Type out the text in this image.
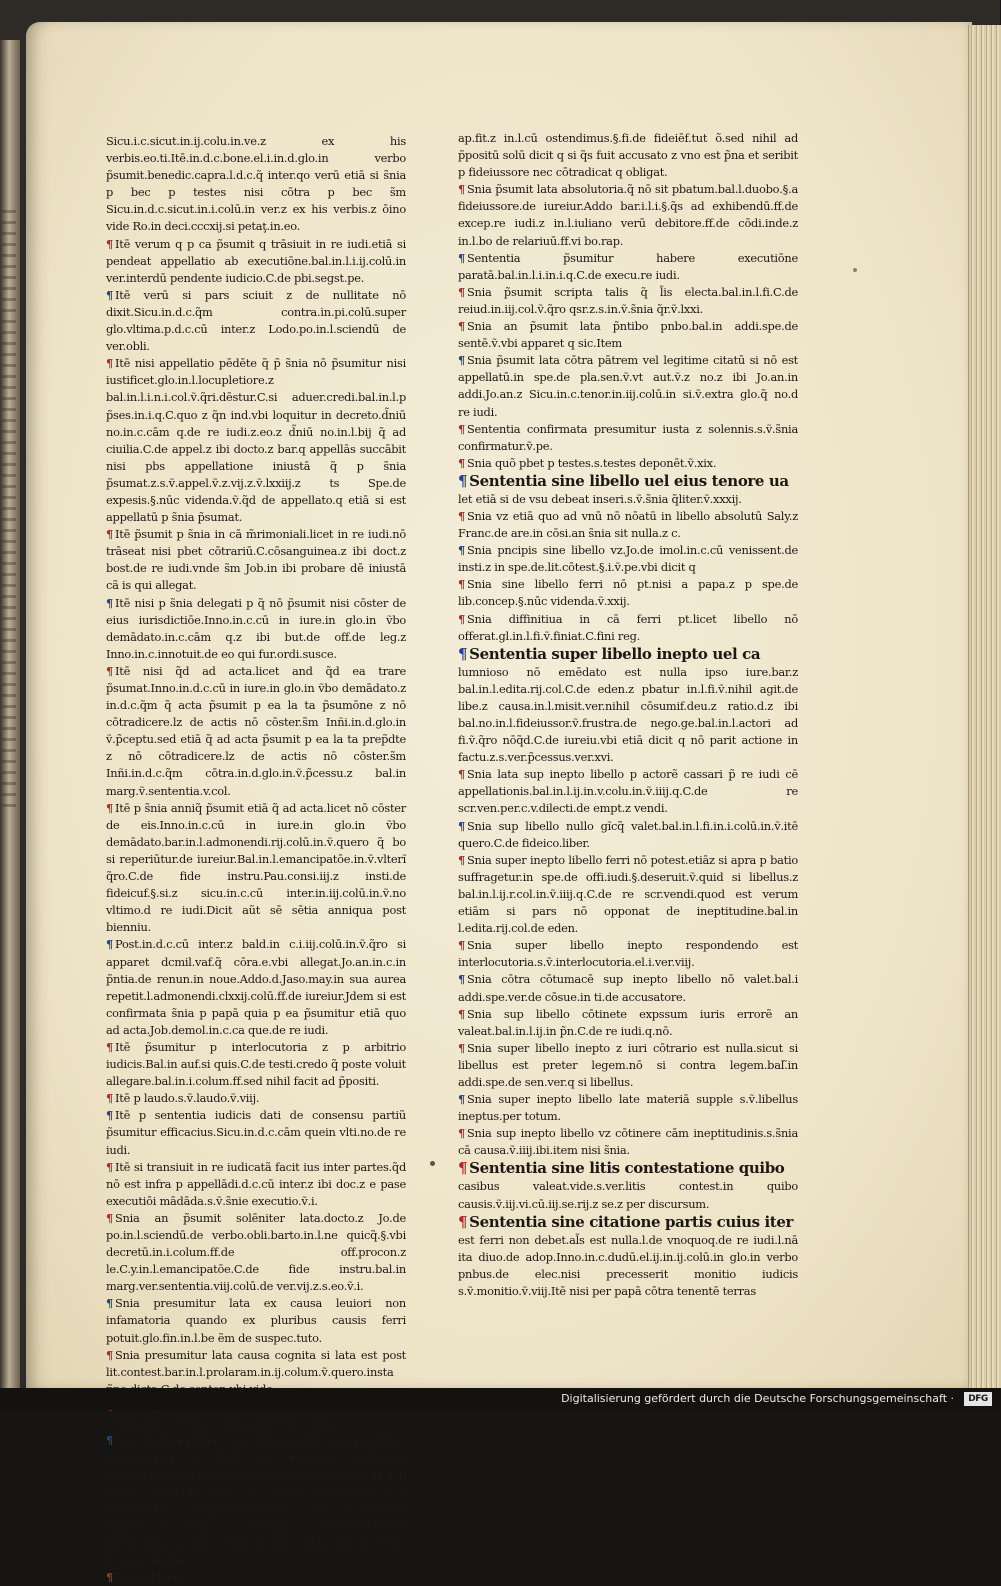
Sicu.i.c.sicut.in.ij.colu.in.ve.z ex his verbis.eo.ti.Itē.in.d.c.bone.el.i.in.d.glo.in verbo p̃sumit.benedic.capra.l.d.c.q̃ inter.qο verū etiā si s̃nia p bec p testes nisi cōtra p bec s̃m Sicu.in.d.c.sicut.in.i.colū.in ver.z ex his verbis.z ōino vide Ro.in deci.cccxij.si petaţ.in.eo.

¶ Itē verum q p ca p̃sumit q trāsiuit in re iudi.etiā si pendeat appellatio ab executiōne.bal.in.l.i.ij.colū.in ver.interdū pendente iudicio.C.de pbi.segst.pe.

¶ Itē verū si pars sciuit z de nullitate nō dixit.Sicu.in.d.c.q̃m contra.in.pi.colū.super glo.vltima.p.d.c.cū inter.z Lodo.po.in.l.sciendū de ver.obli.

¶ Itē nisi appellatio pēdēte q̃ p̃ s̃nia nō p̃sumitur nisi iustificet.glo.in.l.locupletiore.z bal.in.l.i.n.i.col.ṽ.q̃ri.dēstur.C.si aduer.credi.bal.in.l.p p̃ses.in.i.q.C.quo z q̃n ind.vbi loquitur in decreto.d̃niū no.in.c.cām q.de re iudi.z.eo.z d̃niū no.in.l.bij q̃ ad ciuilia.C.de appel.z ibi docto.z bar.q appellās succābit nisi pbs appellatione iniustā q̃ p s̃nia p̃sumat.z.s.ṽ.appel.ṽ.z.vij.z.ṽ.lxxiij.z ts Spe.de expesis.§.nūc videnda.ṽ.q̃d de appellato.q etiā si est appellatū p s̃nia p̃sumat.

¶ Itē p̃sumit p s̃nia in cā m̃rimoniali.licet in re iudi.nō trāseat nisi pbet cōtrariū.C.cōsanguinea.z ibi doct.z bost.de re iudi.vnde s̃m Job.in ibi probare dē iniustā cã is qui allegat.

¶ Itē nisi p s̃nia delegati p q̃ nō p̃sumit nisi cōster de eius iurisdictiōe.Inno.in.c.cū in iure.in glo.in ṽbo demādato.in.c.cām q.z ibi but.de off.de leg.z Inno.in.c.innotuit.de eo qui fur.ordi.susce.

¶ Itē nisi q̃d ad acta.licet and q̃d ea trare p̃sumat.Inno.in.d.c.cū in iure.in glo.in ṽbo demādato.z in.d.c.q̃m q̃ acta p̃sumit p ea la ta p̃sumōne z nō cōtradicere.lz de actis nō cōster.s̃m Inñi.in.d.glo.in ṽ.p̃ceptu.sed etiā q̃ ad acta p̃sumit p ea la ta prep̃dte z nō cōtradicere.lz de actis nō cōster.s̃m Inñi.in.d.c.q̃m cōtra.in.d.glo.in.ṽ.p̃cessu.z bal.in marg.ṽ.sententia.v.col.

¶ Itē p s̃nia anniq̃ p̃sumit etiā q̃ ad acta.licet nō cōster de eis.Inno.in.c.cū in iure.in glo.in ṽbo demādato.bar.in.l.admonendi.rij.colū.in.ṽ.quero q̃ bo si reperiūtur.de iureiur.Bal.in.l.emancipatōe.in.ṽ.vlterĩ q̃ro.C.de fide instru.Pau.consi.iij.z insti.de fideicuf.§.si.z sicu.in.c.cū inter.in.iij.colū.in.ṽ.no vltimo.d re iudi.Dicit aũt sē sētia anniqua post bienniu.

¶ Post.in.d.c.cū inter.z bald.in c.i.iij.colū.in.ṽ.q̃ro si apparet dcmil.vaf.q̃ cōra.e.vbi allegat.Jo.an.in.c.in p̃ntia.de renun.in noue.Addo.d.Jaso.may.in sua aurea repetit.l.admonendi.clxxij.colū.ff.de iureiur.Jdem si est confirmata s̃nia p papā quia p ea p̃sumitur etiā quo ad acta.Job.demol.in.c.ca que.de re iudi.

¶ Itē p̃sumitur p interlocutoria z p arbitrio iudicis.Bal.in auf.si quis.C.de testi.credo q̃ poste voluit allegare.bal.in.i.colum.ff.sed nihil facit ad p̃positi.

¶ Itē p laudo.s.ṽ.laudo.ṽ.viij.

¶ Itē p sententia iudicis dati de consensu partiũ p̃sumitur efficacius.Sicu.in.d.c.cām quein vlti.no.de re iudi.

¶ Itē si transiuit in re iudicatã facit ius inter partes.q̃d nō est infra p appellādi.d.c.cū inter.z ibi doc.z e pase executiōi mādāda.s.ṽ.s̃nie executio.ṽ.i.

¶ Snia an p̃sumit solēniter lata.docto.z Jo.de po.in.l.sciendū.de verbo.obli.barto.in.l.ne quicq̃.§.vbi decretū.in.i.colum.ff.de off.procon.z le.C.y.in.l.emancipatōe.C.de fide instru.bal.in marg.ver.sententia.viij.colū.de ver.vij.z.s.eo.ṽ.i.

¶ Snia presumitur lata ex causa leuiori non infamatoria quando ex pluribus causis ferri potuit.glo.fin.in.l.be ẽm de suspec.tuto.

¶ Snia presumitur lata causa cognita si lata est post lit.contest.bar.in.l.prolaram.in.ij.colum.ṽ.quero.insta

cōtumacia.s.ṽ.s̃nia contra absētem.ṽ.xviij.

¶ Snia p̃nibus ptibο z nō cōtradicenbο lata p̃sumitur solennis.pur̃ ca dicit lite cōtestatis testibus.z c.docto.bar.in.l.i.ṽ.vlte.in.l.i.ṽ.vltenus.no.z ibide p q̃ p pa.de cōdiū.De Angelo.in auf.vt spon.lar.§.z hoc insup.bal.in marg.ṽ.s̃nia.ṽ.colū.z in addi.spe.de appel.ṽ.z.vij.z.ṽ.vij.z clausula sētentiārū.ṽ.viso libello.Inno.in.c.q̃m cōtra.in vlti.colū.in glo.in verbo p̃cessu.de pba.

¶ Bar.in.l.f.§.qο

ap.fit.z in.l.cū ostendimus.§.fi.de fideiēf.tut õ.sed nihil ad p̃positū solū dicit q si q̃s fuit accusatο z vnο est p̃na et seribit p fideiussore nec cōtradicat q obligat.

¶ Snia p̃sumit lata absolutoria.q̃ nō sit pbatum.bal.l.duobο.§.a fideiussore.de iureiur.Addo bar.i.l.i.§.q̃s ad exhibendū.ff.de excep.re iudi.z in.l.iulianο verū debitore.ff.de cōdi.inde.z in.l.bo de relariuū.ff.vi bo.rap.

¶ Sententia p̃sumitur habere executiōne paratā.bal.in.l.i.in.i.q.C.de execu.re iudi.

¶ Snia p̃sumit scripta talis q̃ l̃is electa.bal.in.l.fi.C.de reiud.in.iij.col.ṽ.q̃ro qsr.z.s.in.ṽ.s̃nia q̃r.ṽ.lxxi.

¶ Snia an p̃sumit lata p̃ntibο pnbο.bal.in addi.spe.de sentē.ṽ.vbi apparet q sic.Item

¶ Snia p̃sumit lata cōtra pātrem vel legitime citatū si nō est appellatū.in spe.de pla.sen.ṽ.vt aut.ṽ.z no.z ibi Jo.an.in addi.Jo.an.z Sicu.in.c.tenor.in.iij.colū.in si.ṽ.extra glo.q̃ no.d re iudi.

¶ Sententia confirmata presumitur iusta z solennis.s.ṽ.s̃nia confirmatur.ṽ.pe.

¶ Snia quõ pbet p testes.s.testes deponēt.ṽ.xix.

¶ Sententia sine libello uel eius tenore ua

let etiā si de vsu debeat inseri.s.ṽ.s̃nia q̃liter.ṽ.xxxij.

¶ Snia vz etiā quo ad vnū nō nōatū in libello absolutū Saly.z Franc.de are.in cōsi.an s̃nia sit nulla.z c.

¶ Snia pncipis sine libello vz.Jo.de imol.in.c.cū venissent.de insti.z in spe.de.lit.cōtest.§.i.ṽ.pe.vbi dicit q

¶ Snia sine libello ferri nō pt.nisi a papa.z p spe.de lib.concep.§.nūc videnda.ṽ.xxij.

¶ Snia diffinitiua in cā ferri pt.licet libellο nō offerat.gl.in.l.fi.ṽ.finiat.C.fini reg.

¶ Sententia super libello inepto uel ca

lumnioso nō emēdato est nulla ipso iure.bar.z bal.in.l.edita.rij.col.C.de eden.z pbatur in.l.fi.ṽ.nihil agit.de libe.z causa.in.l.misit.ver.nihil cōsumif.deu.z ratio.d.z ibi bal.no.in.l.fideiussor.ṽ.frustra.de nego.ge.bal.in.l.actori ad fi.ṽ.q̃ro nōq̃d.C.de iureiu.vbi etiā dicit q nō parit actione in factu.z.s.ver.p̃cessus.ver.xvi.

¶ Snia lata sup inepto libello p actorẽ cassari p̃ re iudi cē appellationis.bal.in.l.ij.in.v.colu.in.ṽ.iiij.q.C.de re scr.ven.per.c.v.dilecti.de empt.z vendi.

¶ Snia sup libello nullo gĩcq̃ valet.bal.in.l.fi.in.i.colū.in.ṽ.itē quero.C.de fideico.liber.

¶ Snia super inepto libello ferri nō potest.etiāz si apra p batio suffragetur.in spe.de offi.iudi.§.deseruit.ṽ.quid si libellus.z bal.in.l.ij.r.col.in.ṽ.iiij.q.C.de re scr.vendi.quod est verum etiām si pars nō opponat de ineptitudine.bal.in l.edita.rij.col.de eden.

¶ Snia super libello inepto respondendo est interlocutoria.s.ṽ.interlocutoria.el.i.ver.viij.

¶ Snia cōtra cōtumacē sup inepto libello nō valet.bal.i addi.spe.ver.de cōsue.in ti.de accusatore.

¶ Snia sup libello cōtinete expssum iuris errorẽ an valeat.bal.in.l.ij.in p̃n.C.de re iudi.q.nō.

¶ Snia super libello inepto z iuri cōtrario est nulla.sicut si libellus est preter legem.nō si contra legem.bal.̃in addi.spe.de sen.ver.q si libellus.

¶ Snia super inepto libello late materiā supple s.ṽ.libellus ineptus.per totum.

¶ Snia sup inepto libello vz cōtinere cām ineptitudinis.s.s̃nia cā causa.ṽ.iiij.ibi.item nisi s̃nia.

¶ Sententia sine litis contestatione quibο

casibus valeat.vide.s.ver.litis contest.in quibο causis.ṽ.iij.vi.cū.iij.se.rij.z se.z per discursum.

¶ Sententia sine citatione partis cuius iter

est ferri non debet.al̃s est nulla.l.de vnoquoq.de re iudi.l.nā ita diuο.de adop.Inno.in.c.dudū.el.ij.in.ij.colū.in glo.in verbo pnbus.de elec.nisi precesserit monitio iudicis s.ṽ.monitio.ṽ.viij.Itē nisi per papā cōtra tenentē terras

Digitalisierung gefördert durch die Deutsche Forschungsgemeinschaft ·	DFG
